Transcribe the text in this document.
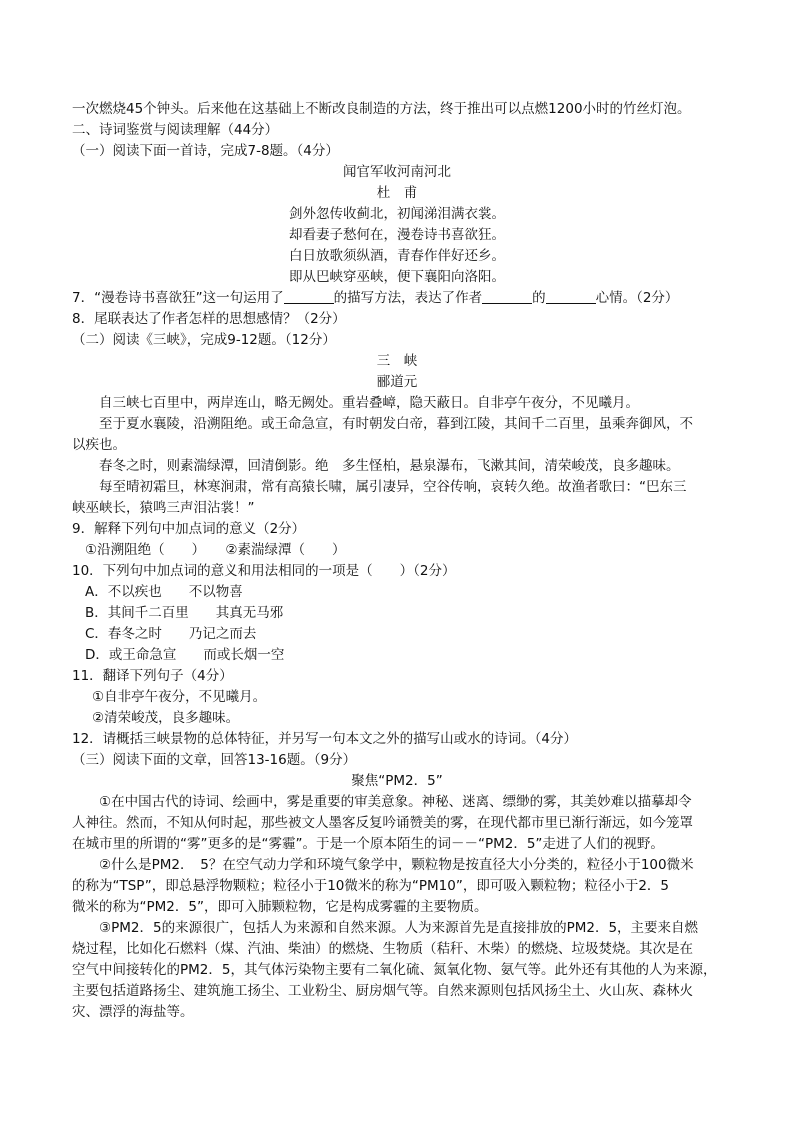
一次燃烧45个钟头。后来他在这基础上不断改良制造的方法，终于推出可以点燃1200小时的竹丝灯泡。
二、诗词鉴赏与阅读理解（44分）
（一）阅读下面一首诗，完成7-8题。（4分）
闻官军收河南河北
杜　甫
剑外忽传收蓟北，初闻涕泪满衣裳。
却看妻子愁何在，漫卷诗书喜欲狂。
白日放歌须纵酒，青春作伴好还乡。
即从巴峡穿巫峡，便下襄阳向洛阳。
7．“漫卷诗书喜欲狂”这一句运用了	的描写方法，表达了作者	的	心情。（2分）
8．尾联表达了作者怎样的思想感情？（2分）
（二）阅读《三峡》，完成9-12题。（12分）
三　峡
郦道元
自三峡七百里中，两岸连山，略无阙处。重岩叠嶂，隐天蔽日。自非亭午夜分，不见曦月。
至于夏水襄陵，沿溯阻绝。或王命急宣，有时朝发白帝，暮到江陵，其间千二百里，虽乘奔御风，不
以疾也。
春冬之时，则素湍绿潭，回清倒影。绝　多生怪柏，悬泉瀑布，飞漱其间，清荣峻茂，良多趣味。
每至晴初霜旦，林寒涧肃，常有高猿长啸，属引凄异，空谷传响，哀转久绝。故渔者歌曰：“巴东三
峡巫峡长，猿鸣三声泪沾裳！”
9．解释下列句中加点词的意义（2分）
①沿溯阻绝（　　）　　②素湍绿潭（　　）
10．下列句中加点词的意义和用法相同的一项是（　　）（2分）
A．不以疾也　　不以物喜
B．其间千二百里　　其真无马邪
C．春冬之时　　乃记之而去
D．或王命急宣　　而或长烟一空
11．翻译下列句子（4分）
①自非亭午夜分，不见曦月。
②清荣峻茂，良多趣味。
12．请概括三峡景物的总体特征，并另写一句本文之外的描写山或水的诗词。（4分）
（三）阅读下面的文章，回答13-16题。（9分）
聚焦“PM2．5”
①在中国古代的诗词、绘画中，雾是重要的审美意象。神秘、迷离、缥缈的雾，其美妙难以描摹却令
人神往。然而，不知从何时起，那些被文人墨客反复吟诵赞美的雾，在现代都市里已渐行渐远，如今笼罩
在城市里的所谓的“雾”更多的是“雾霾”。于是一个原本陌生的词－－“PM2．5”走进了人们的视野。
②什么是PM2．　5？在空气动力学和环境气象学中，颗粒物是按直径大小分类的，粒径小于100微米
的称为“TSP”，即总悬浮物颗粒；粒径小于10微米的称为“PM10”，即可吸入颗粒物；粒径小于2．5
微米的称为“PM2．5”，即可入肺颗粒物，它是构成雾霾的主要物质。
③PM2．5的来源很广，包括人为来源和自然来源。人为来源首先是直接排放的PM2．5，主要来自燃
烧过程，比如化石燃料（煤、汽油、柴油）的燃烧、生物质（秸秆、木柴）的燃烧、垃圾焚烧。其次是在
空气中间接转化的PM2．5，其气体污染物主要有二氧化硫、氮氧化物、氨气等。此外还有其他的人为来源，
主要包括道路扬尘、建筑施工扬尘、工业粉尘、厨房烟气等。自然来源则包括风扬尘土、火山灰、森林火
灾、漂浮的海盐等。
